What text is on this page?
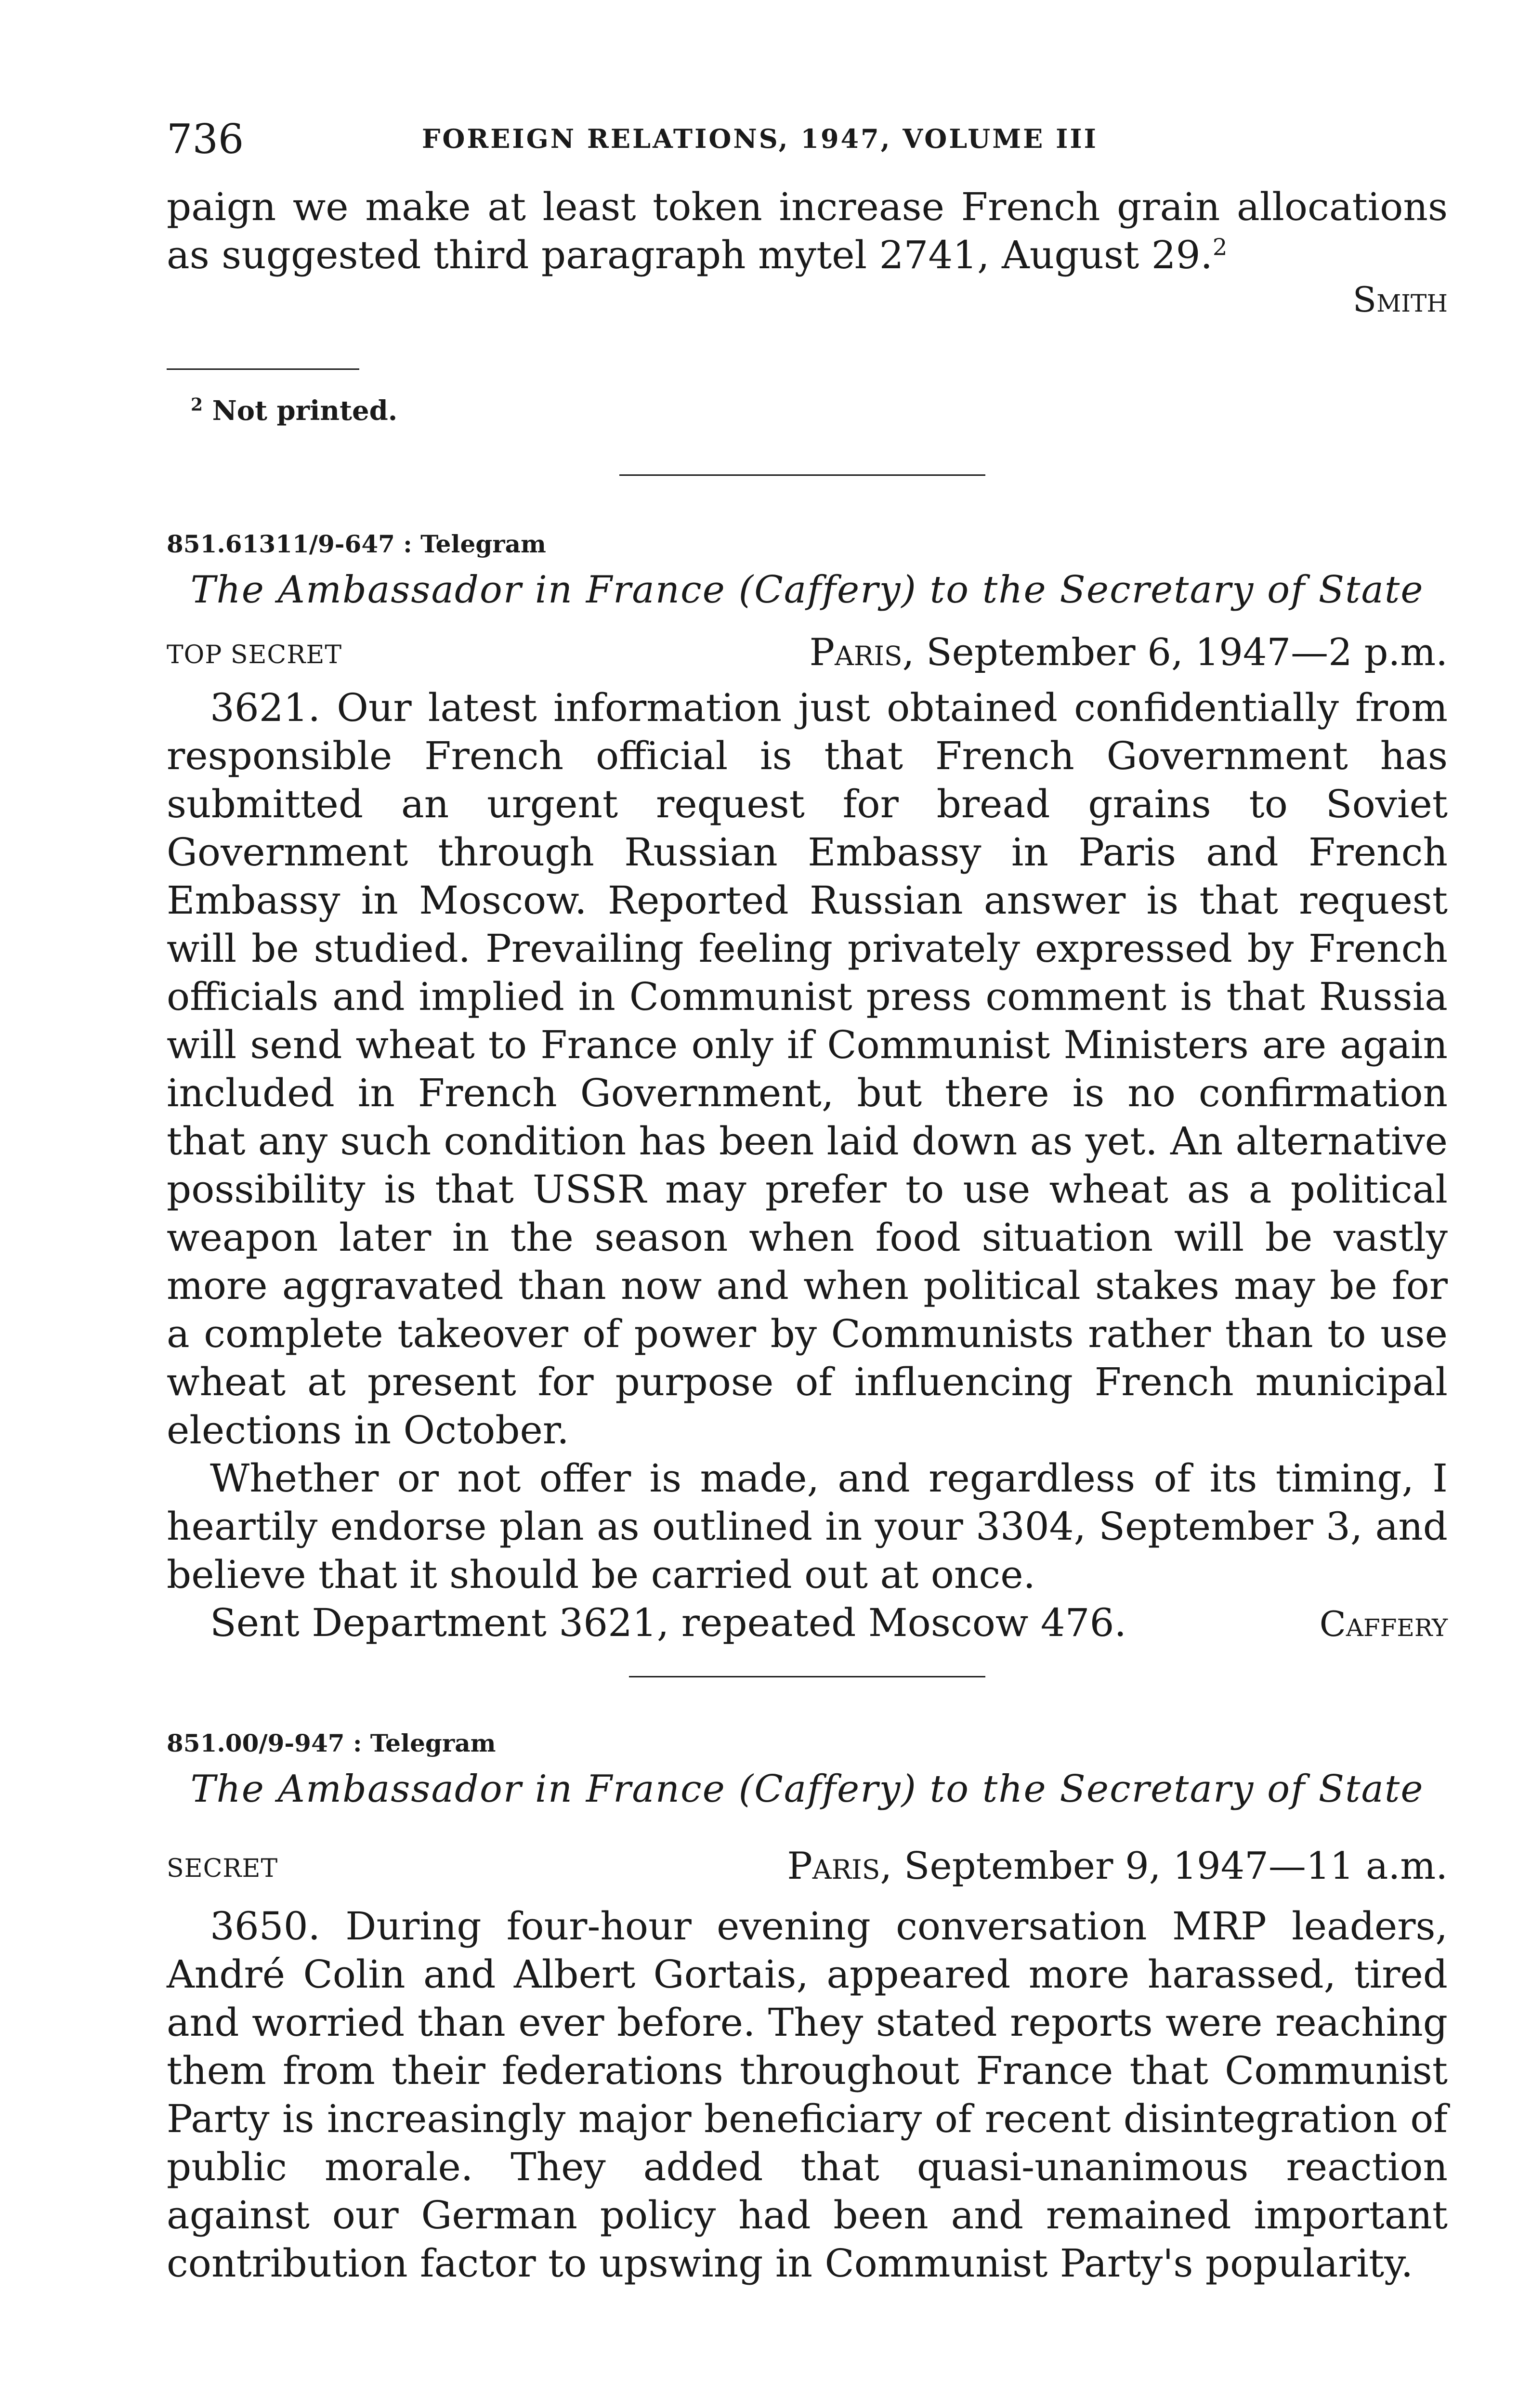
736	FOREIGN RELATIONS, 1947, VOLUME III

paign we make at least token increase French grain allocations as suggested third paragraph mytel 2741, August 29.$^2$

Smith
$^2$ Not printed.
851.61311/9-647 : Telegram
The Ambassador in France (Caffery) to the Secretary of State
TOP SECRET	Paris, September 6, 1947—2 p.m.

3621. Our latest information just obtained confidentially from responsible French official is that French Government has submitted an urgent request for bread grains to Soviet Government through Russian Embassy in Paris and French Embassy in Moscow. Reported Russian answer is that request will be studied. Prevailing feeling privately expressed by French officials and implied in Communist press comment is that Russia will send wheat to France only if Communist Ministers are again included in French Government, but there is no confirmation that any such condition has been laid down as yet. An alternative possibility is that USSR may prefer to use wheat as a political weapon later in the season when food situation will be vastly more aggravated than now and when political stakes may be for a complete takeover of power by Communists rather than to use wheat at present for purpose of influencing French municipal elections in October.

Whether or not offer is made, and regardless of its timing, I heartily endorse plan as outlined in your 3304, September 3, and believe that it should be carried out at once.

Sent Department 3621, repeated Moscow 476.	Caffery
851.00/9-947 : Telegram
The Ambassador in France (Caffery) to the Secretary of State
SECRET	Paris, September 9, 1947—11 a.m.

3650. During four-hour evening conversation MRP leaders, André Colin and Albert Gortais, appeared more harassed, tired and worried than ever before. They stated reports were reaching them from their federations throughout France that Communist Party is increasingly major beneficiary of recent disintegration of public morale. They added that quasi-unanimous reaction against our German policy had been and remained important contribution factor to upswing in Communist Party's popularity.
